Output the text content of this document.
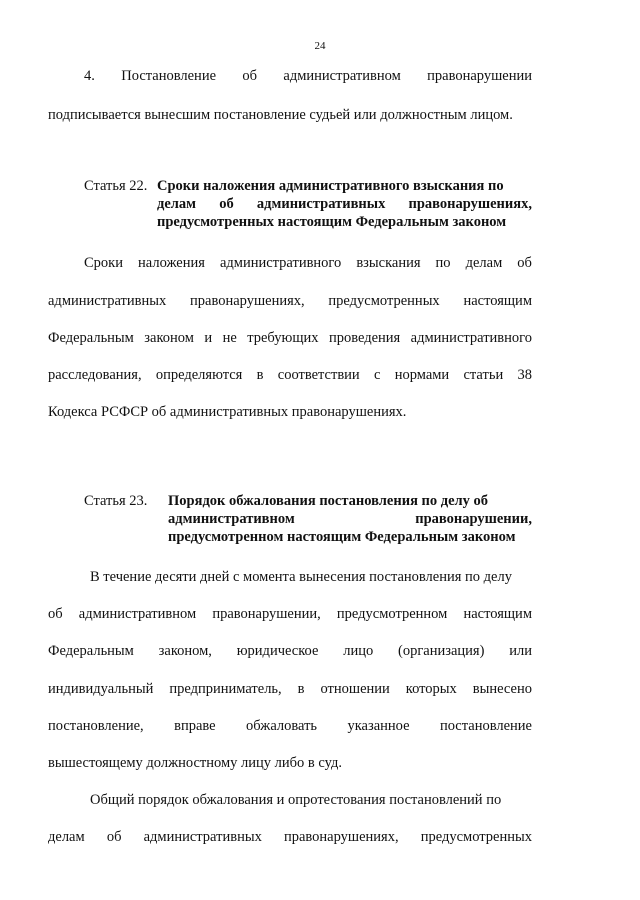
24
4. Постановление об административном правонарушении
подписывается вынесшим постановление судьей или должностным лицом.
Статья 22. Сроки наложения административного взыскания по
делам об административных правонарушениях,
предусмотренных настоящим Федеральным законом
Сроки наложения административного взыскания по делам об
административных правонарушениях, предусмотренных настоящим
Федеральным законом и не требующих проведения административного
расследования, определяются в соответствии с нормами статьи 38
Кодекса РСФСР об административных правонарушениях.
Статья 23. Порядок обжалования постановления по делу об
административном	правонарушении,
предусмотренном настоящим Федеральным законом
В течение десяти дней с момента вынесения постановления по делу
об административном правонарушении, предусмотренном настоящим
Федеральным законом, юридическое лицо (организация) или
индивидуальный предприниматель, в отношении которых вынесено
постановление, вправе обжаловать указанное постановление
вышестоящему должностному лицу либо в суд.
Общий порядок обжалования и опротестования постановлений по
делам об административных правонарушениях, предусмотренных
